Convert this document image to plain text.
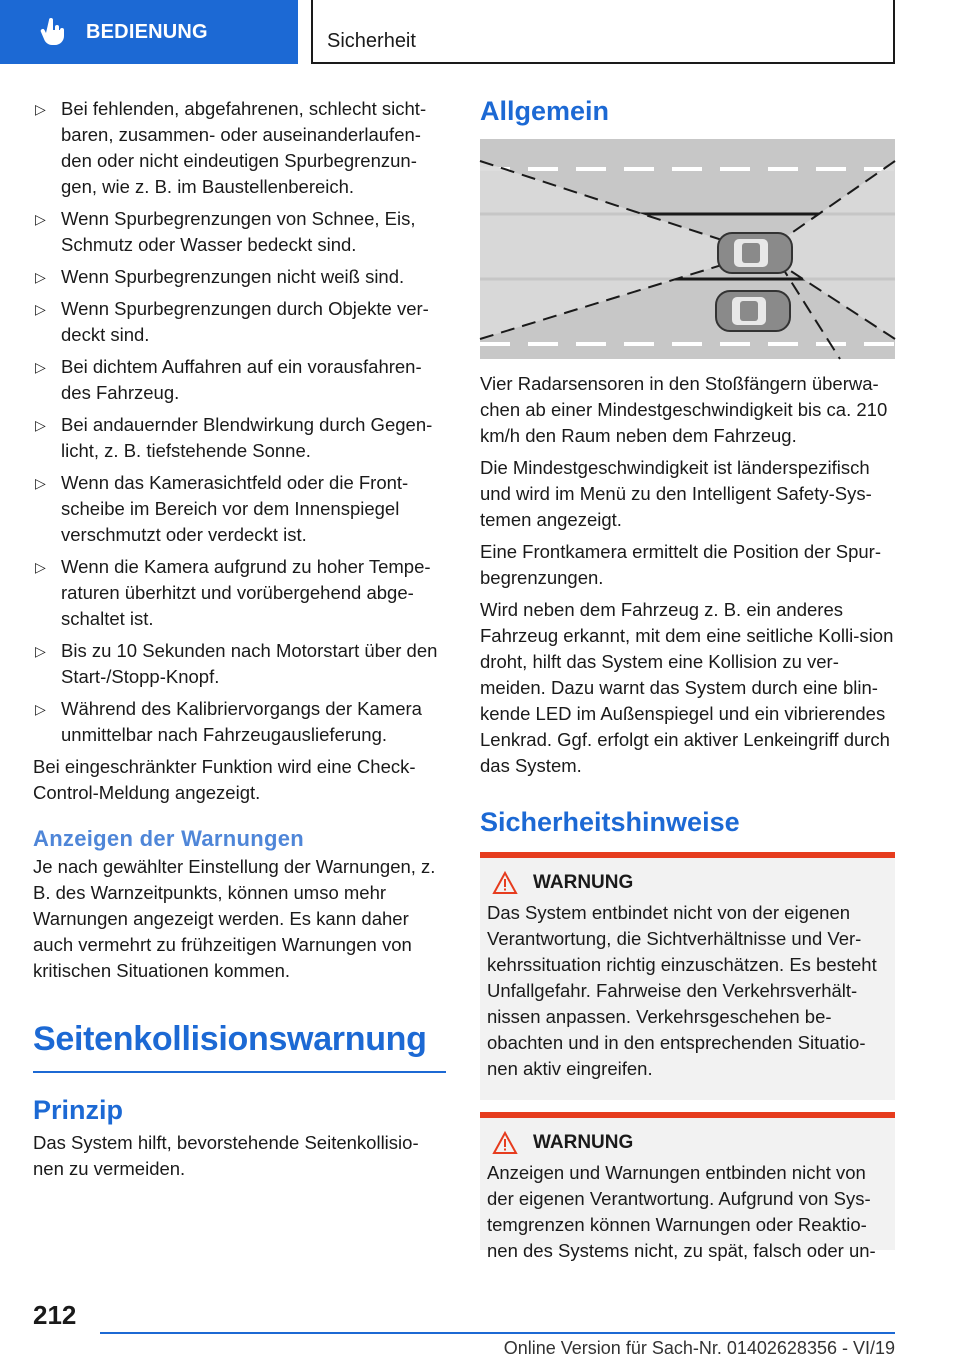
BEDIENUNG	Sicherheit
▷ Bei fehlenden, abgefahrenen, schlecht sicht-baren, zusammen- oder auseinanderlaufen-den oder nicht eindeutigen Spurbegrenzun-gen, wie z. B. im Baustellenbereich.
▷ Wenn Spurbegrenzungen von Schnee, Eis, Schmutz oder Wasser bedeckt sind.
▷ Wenn Spurbegrenzungen nicht weiß sind.
▷ Wenn Spurbegrenzungen durch Objekte ver-deckt sind.
▷ Bei dichtem Auffahren auf ein vorausfahren-des Fahrzeug.
▷ Bei andauernder Blendwirkung durch Gegen-licht, z. B. tiefstehende Sonne.
▷ Wenn das Kamerasichtfeld oder die Front-scheibe im Bereich vor dem Innenspiegel verschmutzt oder verdeckt ist.
▷ Wenn die Kamera aufgrund zu hoher Tempe-raturen überhitzt und vorübergehend abge-schaltet ist.
▷ Bis zu 10 Sekunden nach Motorstart über den Start-/Stopp-Knopf.
▷ Während des Kalibriervorgangs der Kamera unmittelbar nach Fahrzeugauslieferung.

Bei eingeschränkter Funktion wird eine Check-Control-Meldung angezeigt.

Anzeigen der Warnungen

Je nach gewählter Einstellung der Warnungen, z. B. des Warnzeitpunkts, können umso mehr Warnungen angezeigt werden. Es kann daher auch vermehrt zu frühzeitigen Warnungen von kritischen Situationen kommen.

Seitenkollisionswarnung
Prinzip

Das System hilft, bevorstehende Seitenkollisio-nen zu vermeiden.

Allgemein

Vier Radarsensoren in den Stoßfängern überwa-chen ab einer Mindestgeschwindigkeit bis ca. 210 km/h den Raum neben dem Fahrzeug.

Die Mindestgeschwindigkeit ist länderspezifisch und wird im Menü zu den Intelligent Safety-Sys-temen angezeigt.

Eine Frontkamera ermittelt die Position der Spur-begrenzungen.

Wird neben dem Fahrzeug z. B. ein anderes Fahrzeug erkannt, mit dem eine seitliche Kolli-sion droht, hilft das System eine Kollision zu ver-meiden. Dazu warnt das System durch eine blin-kende LED im Außenspiegel und ein vibrierendes Lenkrad. Ggf. erfolgt ein aktiver Lenkeingriff durch das System.

Sicherheitshinweise
WARNUNG

Das System entbindet nicht von der eigenen Verantwortung, die Sichtverhältnisse und Ver-kehrssituation richtig einzuschätzen. Es besteht Unfallgefahr. Fahrweise den Verkehrsverhält-nissen anpassen. Verkehrsgeschehen be-obachten und in den entsprechenden Situatio-nen aktiv eingreifen.

WARNUNG

Anzeigen und Warnungen entbinden nicht von der eigenen Verantwortung. Aufgrund von Sys-temgrenzen können Warnungen oder Reaktio-nen des Systems nicht, zu spät, falsch oder un-

212
Online Version für Sach-Nr. 01402628356 - VI/19
